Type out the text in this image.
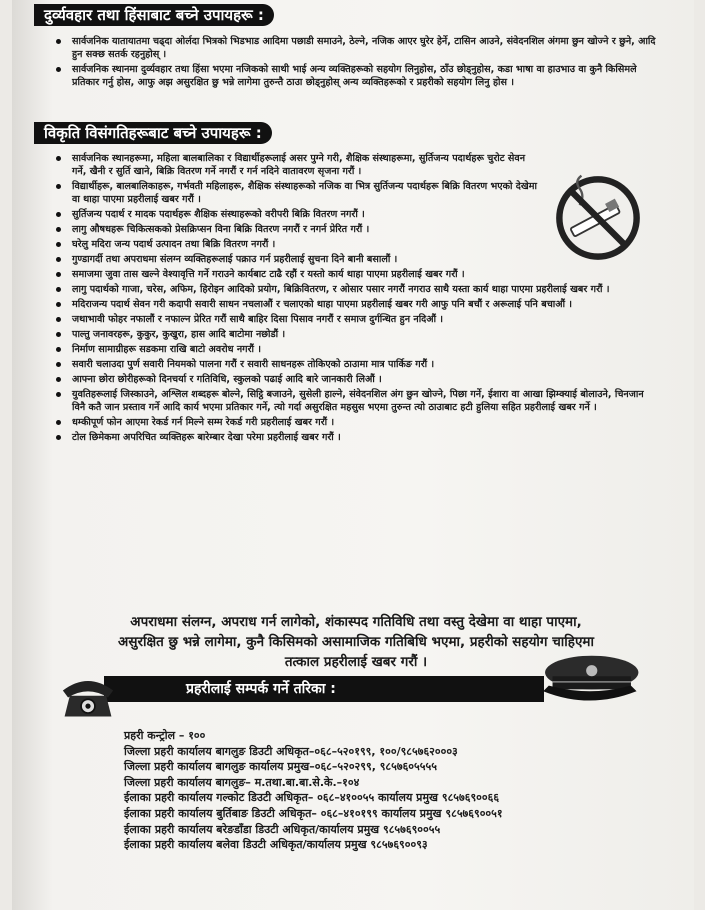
दुर्व्यवहार तथा हिंसाबाट बच्ने उपायहरू :
सार्वजनिक यातायातमा चढ्दा ओर्लदा भित्रको भिडभाड आदिमा पछाडी समाउने, ठेल्ने, नजिक आएर घुरेर हेर्ने, टासिन आउने, संवेदनशिल अंगमा छुन खोज्ने र छुने, आदि हुन सक्छ सतर्क रहनुहोस् ।
सार्वजनिक स्थानमा दुर्व्यवहार तथा हिंसा भएमा नजिकको साथी भाई अन्य व्यक्तिहरूको सहयोग लिनुहोस, ठाँउ छोड्नुहोस, कडा भाषा वा हाउभाउ वा कुनै किसिमले प्रतिकार गर्नु होस, आफु अझ असुरक्षित छु भन्ने लागेमा तुरुन्तै ठाउा छोड्नुहोस् अन्य व्यक्तिहरूको र प्रहरीको सहयोग लिनु होस ।
विकृति विसंगतिहरूबाट बच्ने उपायहरू :
सार्वजनिक स्थानहरूमा, महिला बालबालिका र विद्यार्थीहरूलाई असर पुग्ने गरी, शैक्षिक संस्थाहरूमा, सुर्तिजन्य पदार्थहरू चुरोट सेवन गर्ने, खैनी र सुर्ति खाने, बिक्रि वितरण गर्ने नगरौं र गर्न नदिने वातावरण सृजना गरौं ।
विद्यार्थीहरू, बालबालिकाहरू, गर्भवती महिलाहरू, शैक्षिक संस्थाहरूको नजिक वा भित्र सुर्तिजन्य पदार्थहरू बिक्रि वितरण भएको देखेमा वा थाहा पाएमा प्रहरीलाई खबर गरौं ।
सुर्तिजन्य पदार्थ र मादक पदार्थहरू शैक्षिक संस्थाहरूको वरीपरी बिक्रि वितरण नगरौं ।
लागु औषधहरू चिकित्सकको प्रेसक्रिप्सन विना बिक्रि वितरण नगरौं र नगर्न प्रेरित गरौं ।
घरेलु मदिरा जन्य पदार्थ उत्पादन तथा बिक्रि वितरण नगरौं ।
गुण्डागर्दी तथा अपराधमा संलग्न व्यक्तिहरूलाई पक्राउ गर्न प्रहरीलाई सुचना दिने बानी बसालौं ।
समाजमा जुवा तास खल्ने वेश्यावृत्ति गर्ने गराउने कार्यबाट टाढै रहौं र यस्तो कार्य थाहा पाएमा प्रहरीलाई खबर गरौं ।
लागु पदार्थको गाजा, चरेस, अफिम, हिरोइन आदिको प्रयोग, बिक्रिवितरण, र ओसार पसार नगरौं नगराउ साथै यस्ता कार्य थाहा पाएमा प्रहरीलाई खबर गरौं ।
मदिराजन्य पदार्थ सेवन गरी कदापी सवारी साधन नचलाऔं र चलाएको थाहा पाएमा प्रहरीलाई खबर गरी आफु पनि बचौं र अरूलाई पनि बचाऔं ।
जथाभावी फोहर नफालौं र नफाल्न प्रेरित गरौं साथै बाहिर दिसा पिसाव नगरौं र समाज दुर्गन्धित हुन नदिऔं ।
पाल्तु जनावरहरू, कुकुर, कुखुरा, हास आदि बाटोमा नछोडौं ।
निर्माण सामाग्रीहरू सडकमा राखि बाटो अवरोध नगरौं ।
सवारी चलाउदा पुर्ण सवारी नियमको पालना गरौं र सवारी साधनहरू तोकिएको ठाउामा मात्र पार्किङ गरौं ।
आफ्ना छोरा छोरीहरूको दिनचर्या र गतिविधि, स्कुलको पढाई आदि बारे जानकारी लिऔं ।
युवतिहरूलाई जिस्काउने, अश्लिल शब्दहरू बोल्ने, सिट्ठि बजाउने, सुसेली हाल्ने, संवेदनशिल अंग छुन खोज्ने, पिछा गर्ने, ईशारा वा आखा झिम्क्याई बोलाउने, चिनजान विनै कतै जान प्रस्ताव गर्ने आदि कार्य भएमा प्रतिकार गर्ने, त्यो गर्दा असुरक्षित महसुस भएमा तुरुन्त त्यो ठाउाबाट हटी हुलिया सहित प्रहरीलाई खबर गर्ने ।
धम्कीपूर्ण फोन आएमा रेकर्ड गर्न मिल्ने सम्म रेकर्ड गरी प्रहरीलाई खबर गरौं ।
टोल छिमेकमा अपरिचित व्यक्तिहरू बारेम्बार देखा परेमा प्रहरीलाई खबर गरौं ।
अपराधमा संलग्न, अपराध गर्न लागेको, शंकास्पद गतिविधि तथा वस्तु देखेमा वा थाहा पाएमा,
असुरक्षित छु भन्ने लागेमा, कुनै किसिमको असामाजिक गतिबिधि भएमा, प्रहरीको सहयोग चाहिएमा
तत्काल प्रहरीलाई खबर गरौं ।
प्रहरीलाई सम्पर्क गर्ने तरिका :
प्रहरी कन्ट्रोल – १००
जिल्ला प्रहरी कार्यालय बागलुङ डिउटी अधिकृत–०६८–५२०१९९, १००/९८५७६२०००३
जिल्ला प्रहरी कार्यालय बागलुङ कार्यालय प्रमुख–०६८–५२०२९९, ९८५७६०५५५५
जिल्ला प्रहरी कार्यालय बागलुङ– म.तथा.बा.बा.से.के.–१०४
ईलाका प्रहरी कार्यालय गल्कोट डिउटी अधिकृत– ०६८–४१००५५ कार्यालय प्रमुख ९८५७६९००६६
ईलाका प्रहरी कार्यालय बुर्तिबाङ डिउटी अधिकृत– ०६८–४१०१९९ कार्यालय प्रमुख ९८५७६९००५१
ईलाका प्रहरी कार्यालय बरेङडाँडा डिउटी अधिकृत/कार्यालय प्रमुख ९८५७६९००५५
ईलाका प्रहरी कार्यालय बलेवा डिउटी अधिकृत/कार्यालय प्रमुख ९८५७६९००९३
